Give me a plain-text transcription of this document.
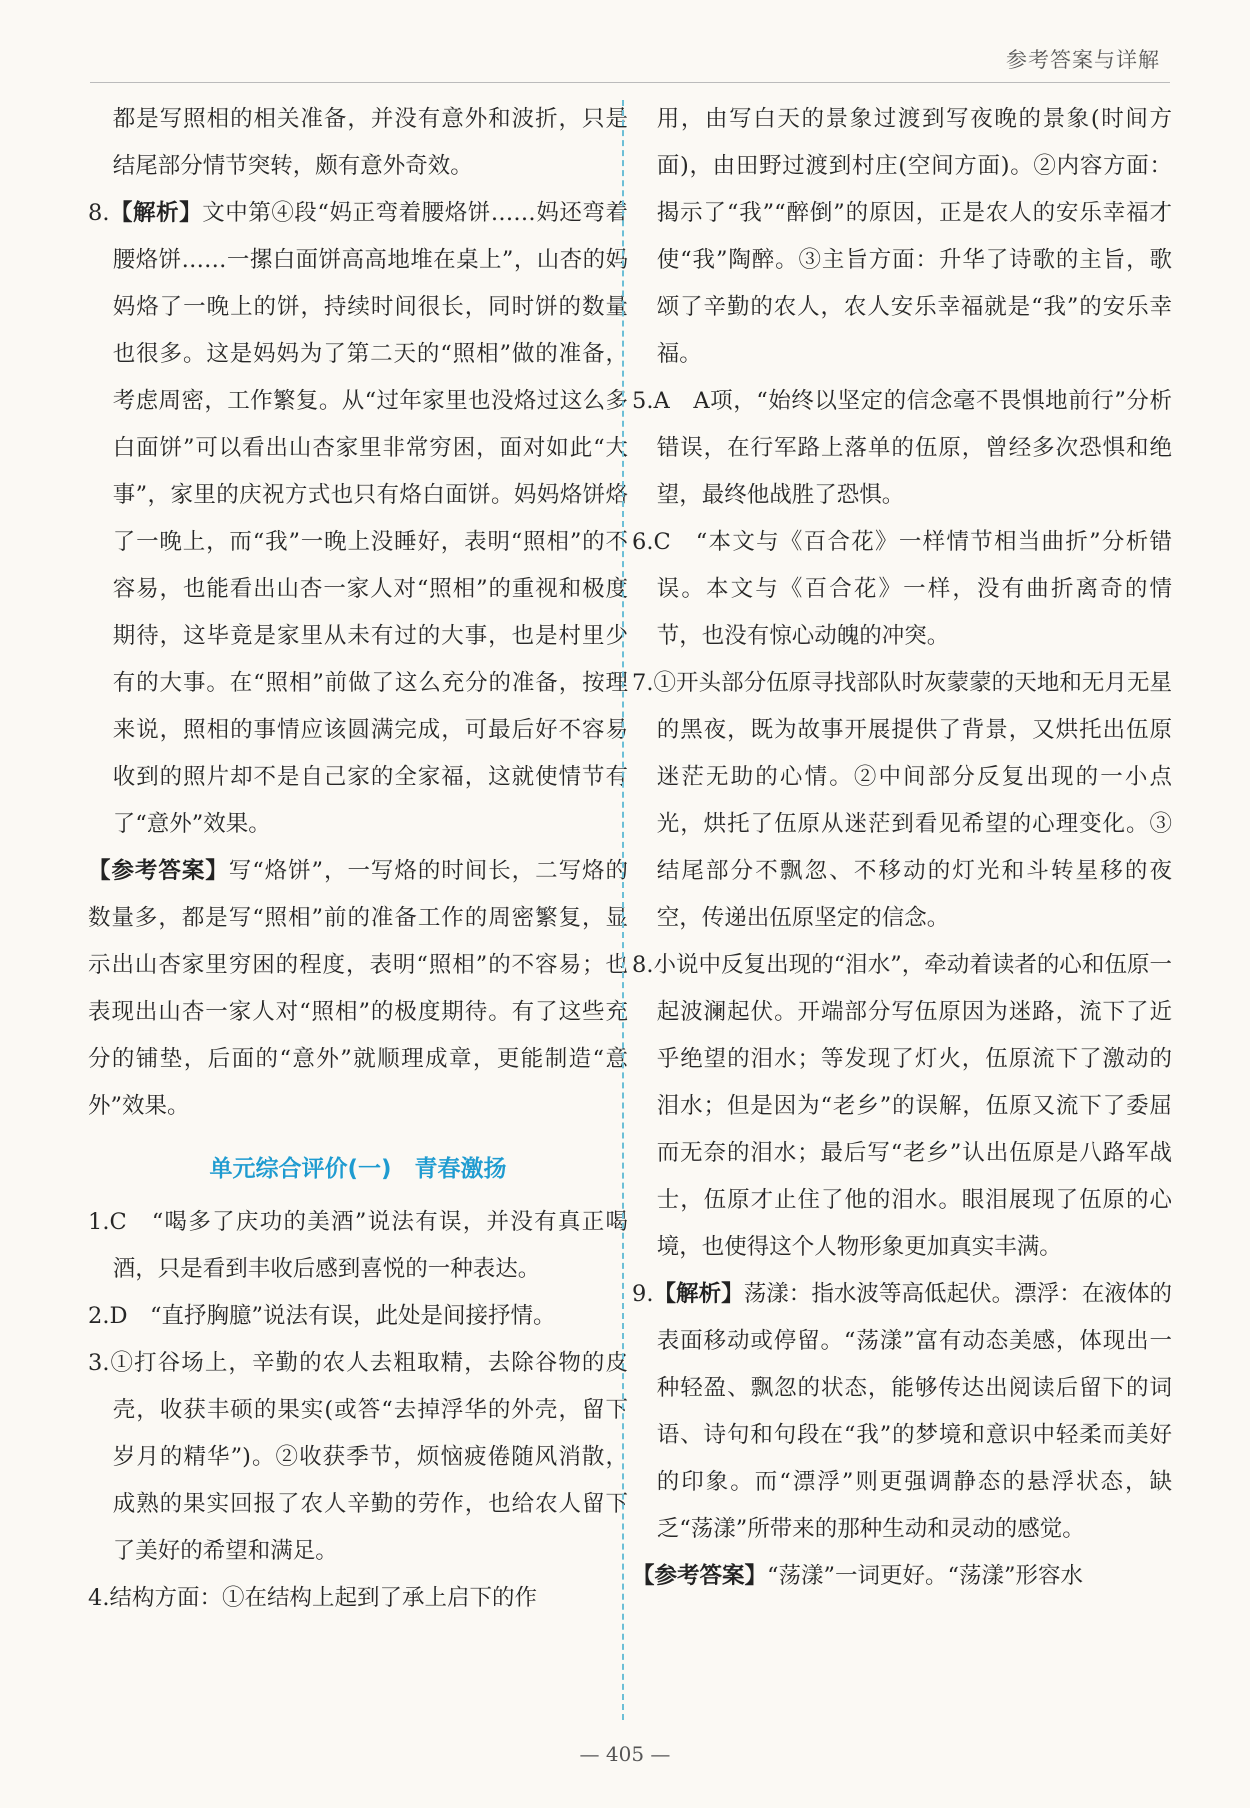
参考答案与详解

都是写照相的相关准备，并没有意外和波折，只是结尾部分情节突转，颇有意外奇效。

8.【解析】文中第④段“妈正弯着腰烙饼……妈还弯着腰烙饼……一摞白面饼高高地堆在桌上”，山杏的妈妈烙了一晚上的饼，持续时间很长，同时饼的数量也很多。这是妈妈为了第二天的“照相”做的准备，考虑周密，工作繁复。从“过年家里也没烙过这么多白面饼”可以看出山杏家里非常穷困，面对如此“大事”，家里的庆祝方式也只有烙白面饼。妈妈烙饼烙了一晚上，而“我”一晚上没睡好，表明“照相”的不容易，也能看出山杏一家人对“照相”的重视和极度期待，这毕竟是家里从未有过的大事，也是村里少有的大事。在“照相”前做了这么充分的准备，按理来说，照相的事情应该圆满完成，可最后好不容易收到的照片却不是自己家的全家福，这就使情节有了“意外”效果。

【参考答案】写“烙饼”，一写烙的时间长，二写烙的数量多，都是写“照相”前的准备工作的周密繁复，显示出山杏家里穷困的程度，表明“照相”的不容易；也表现出山杏一家人对“照相”的极度期待。有了这些充分的铺垫，后面的“意外”就顺理成章，更能制造“意外”效果。

单元综合评价(一)　青春激扬

1.C　“喝多了庆功的美酒”说法有误，并没有真正喝酒，只是看到丰收后感到喜悦的一种表达。

2.D　“直抒胸臆”说法有误，此处是间接抒情。

3.①打谷场上，辛勤的农人去粗取精，去除谷物的皮壳，收获丰硕的果实(或答“去掉浮华的外壳，留下岁月的精华”)。②收获季节，烦恼疲倦随风消散，成熟的果实回报了农人辛勤的劳作，也给农人留下了美好的希望和满足。

4.结构方面：①在结构上起到了承上启下的作

用，由写白天的景象过渡到写夜晚的景象(时间方面)，由田野过渡到村庄(空间方面)。②内容方面：揭示了“我”“醉倒”的原因，正是农人的安乐幸福才使“我”陶醉。③主旨方面：升华了诗歌的主旨，歌颂了辛勤的农人，农人安乐幸福就是“我”的安乐幸福。

5.A　A项，“始终以坚定的信念毫不畏惧地前行”分析错误，在行军路上落单的伍原，曾经多次恐惧和绝望，最终他战胜了恐惧。

6.C　“本文与《百合花》一样情节相当曲折”分析错误。本文与《百合花》一样，没有曲折离奇的情节，也没有惊心动魄的冲突。

7.①开头部分伍原寻找部队时灰蒙蒙的天地和无月无星的黑夜，既为故事开展提供了背景，又烘托出伍原迷茫无助的心情。②中间部分反复出现的一小点光，烘托了伍原从迷茫到看见希望的心理变化。③结尾部分不飘忽、不移动的灯光和斗转星移的夜空，传递出伍原坚定的信念。

8.小说中反复出现的“泪水”，牵动着读者的心和伍原一起波澜起伏。开端部分写伍原因为迷路，流下了近乎绝望的泪水；等发现了灯火，伍原流下了激动的泪水；但是因为“老乡”的误解，伍原又流下了委屈而无奈的泪水；最后写“老乡”认出伍原是八路军战士，伍原才止住了他的泪水。眼泪展现了伍原的心境，也使得这个人物形象更加真实丰满。

9.【解析】荡漾：指水波等高低起伏。漂浮：在液体的表面移动或停留。“荡漾”富有动态美感，体现出一种轻盈、飘忽的状态，能够传达出阅读后留下的词语、诗句和句段在“我”的梦境和意识中轻柔而美好的印象。而“漂浮”则更强调静态的悬浮状态，缺乏“荡漾”所带来的那种生动和灵动的感觉。

【参考答案】“荡漾”一词更好。“荡漾”形容水

— 405 —
